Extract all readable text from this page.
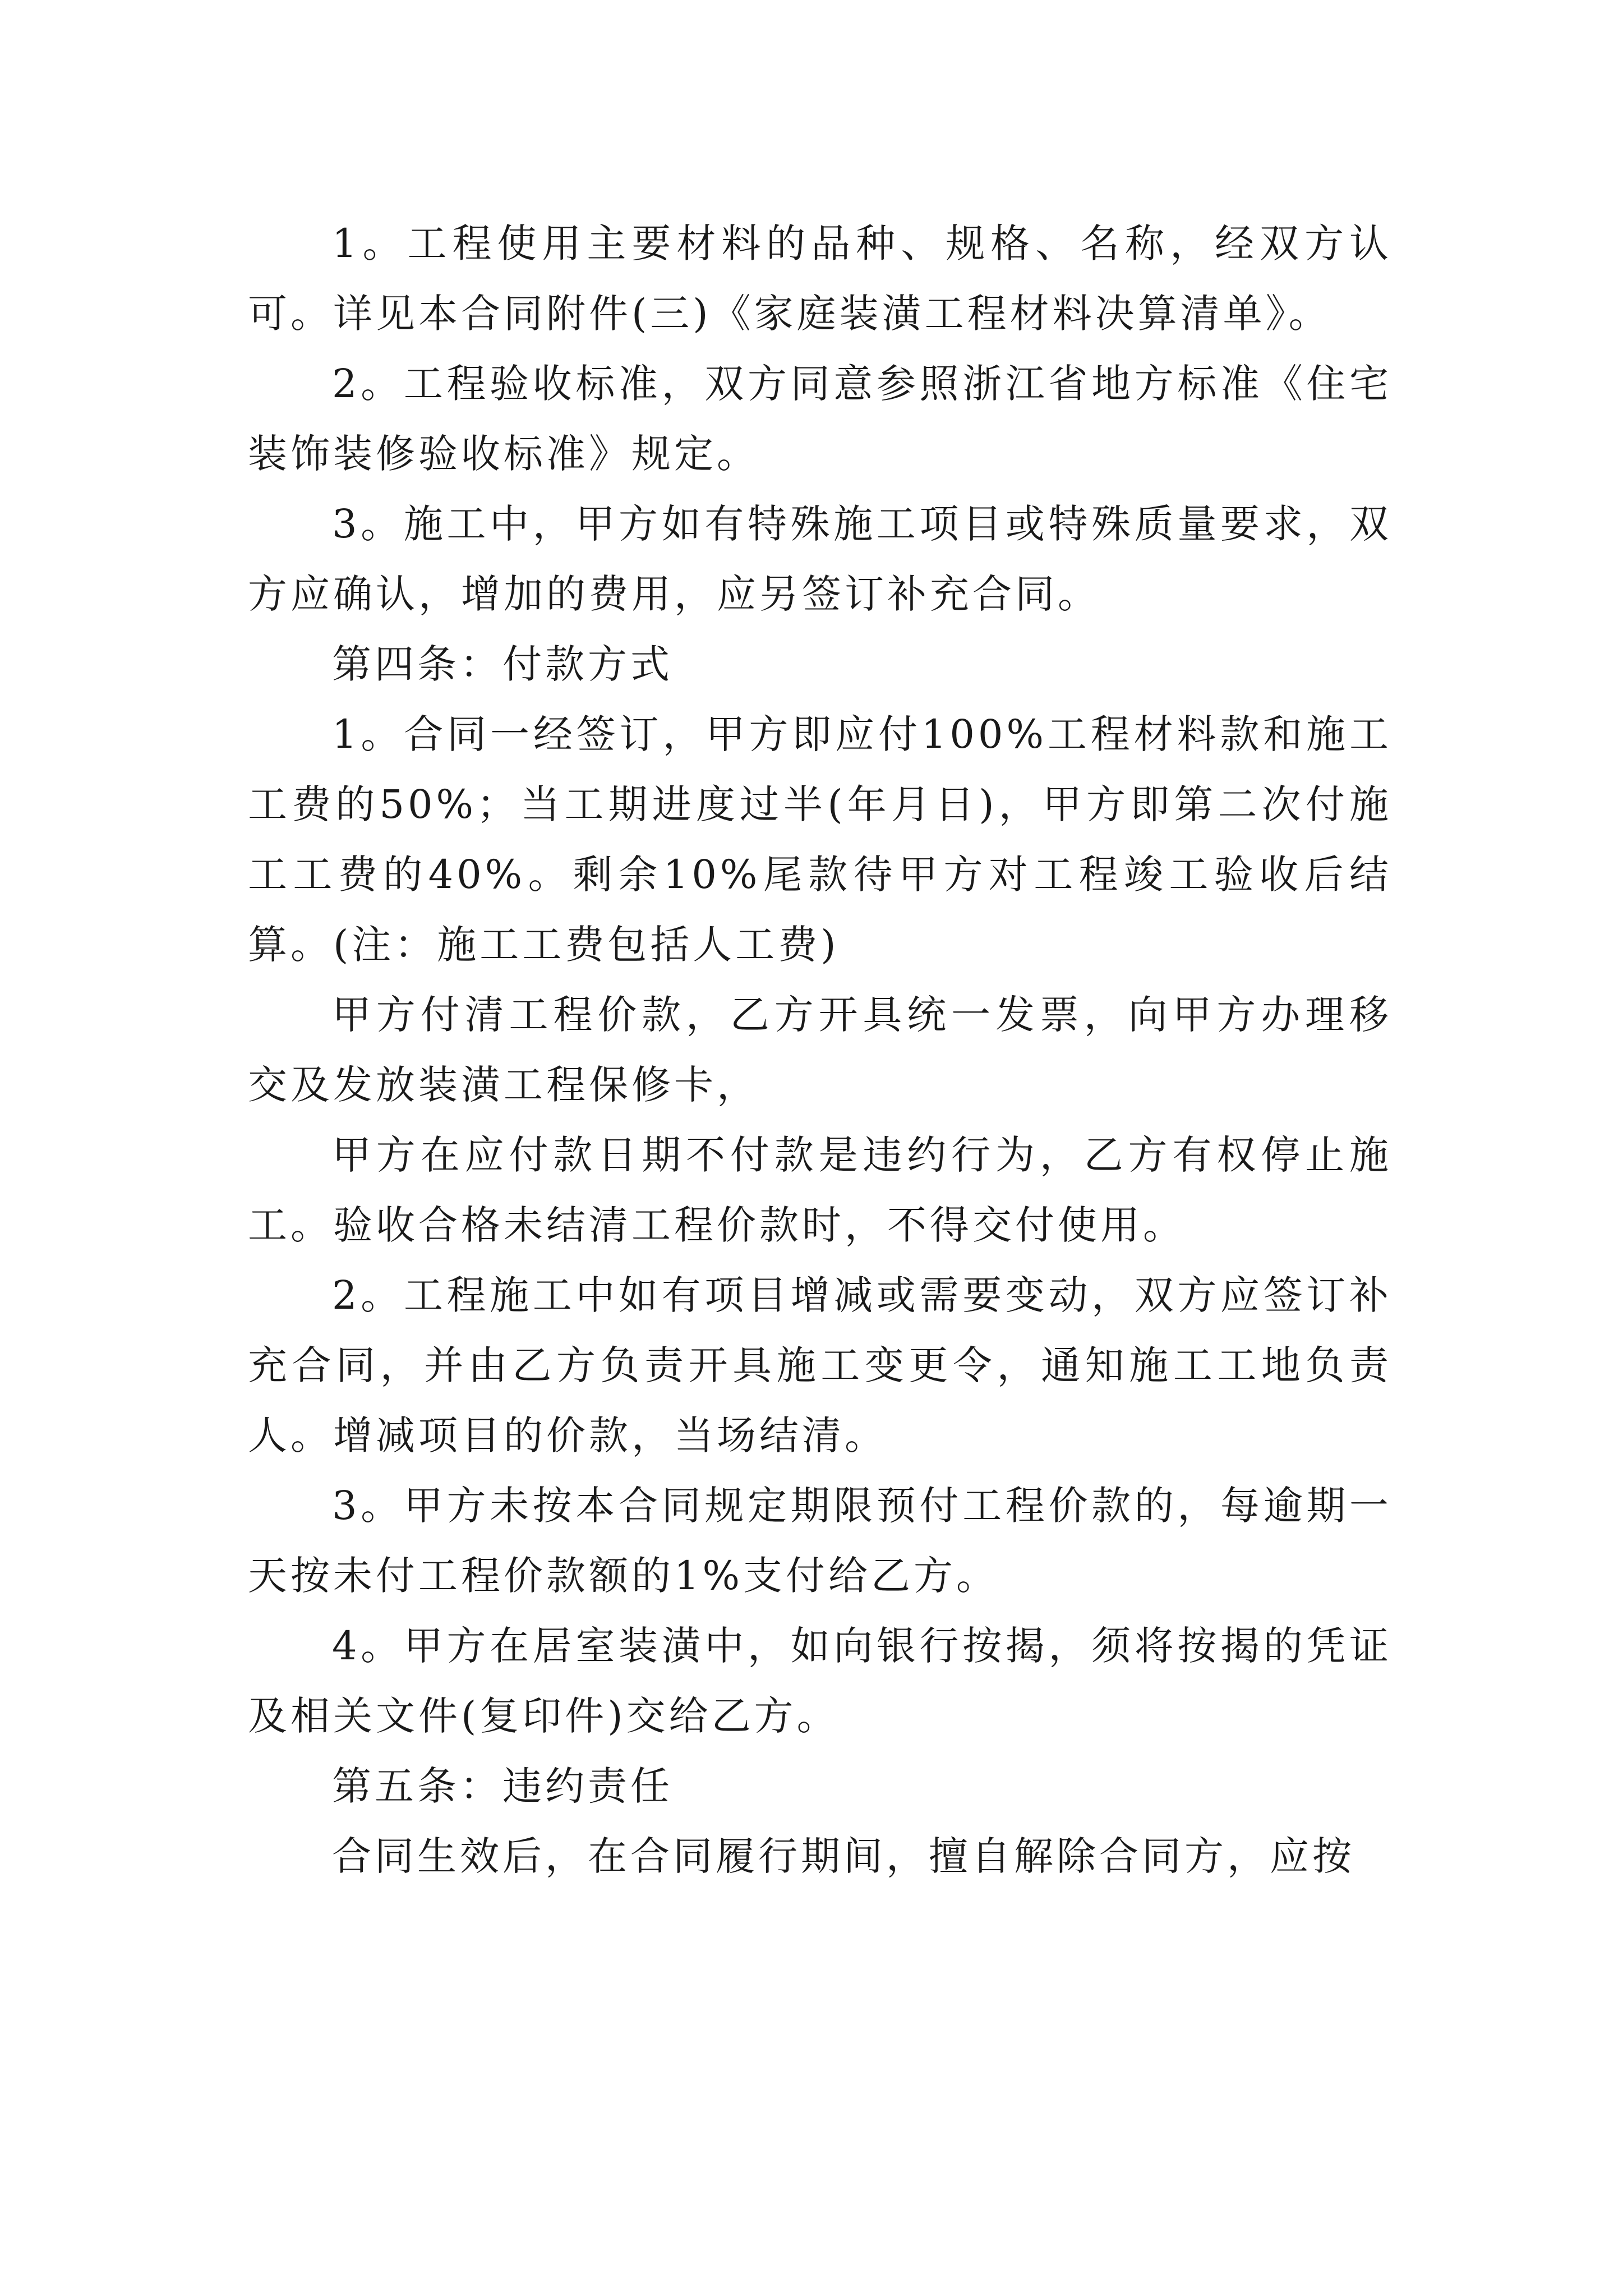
1。工程使用主要材料的品种、规格、名称，经双方认可。详见本合同附件(三)《家庭装潢工程材料决算清单》。

2。工程验收标准，双方同意参照浙江省地方标准《住宅装饰装修验收标准》规定。

3。施工中，甲方如有特殊施工项目或特殊质量要求，双方应确认，增加的费用，应另签订补充合同。

第四条：付款方式

1。合同一经签订，甲方即应付100%工程材料款和施工工费的50%；当工期进度过半(年月日)，甲方即第二次付施工工费的40%。剩余10%尾款待甲方对工程竣工验收后结算。(注：施工工费包括人工费)

甲方付清工程价款，乙方开具统一发票，向甲方办理移交及发放装潢工程保修卡，

甲方在应付款日期不付款是违约行为，乙方有权停止施工。验收合格未结清工程价款时，不得交付使用。

2。工程施工中如有项目增减或需要变动，双方应签订补充合同，并由乙方负责开具施工变更令，通知施工工地负责人。增减项目的价款，当场结清。

3。甲方未按本合同规定期限预付工程价款的，每逾期一天按未付工程价款额的1%支付给乙方。

4。甲方在居室装潢中，如向银行按揭，须将按揭的凭证及相关文件(复印件)交给乙方。

第五条：违约责任

合同生效后，在合同履行期间，擅自解除合同方，应按
